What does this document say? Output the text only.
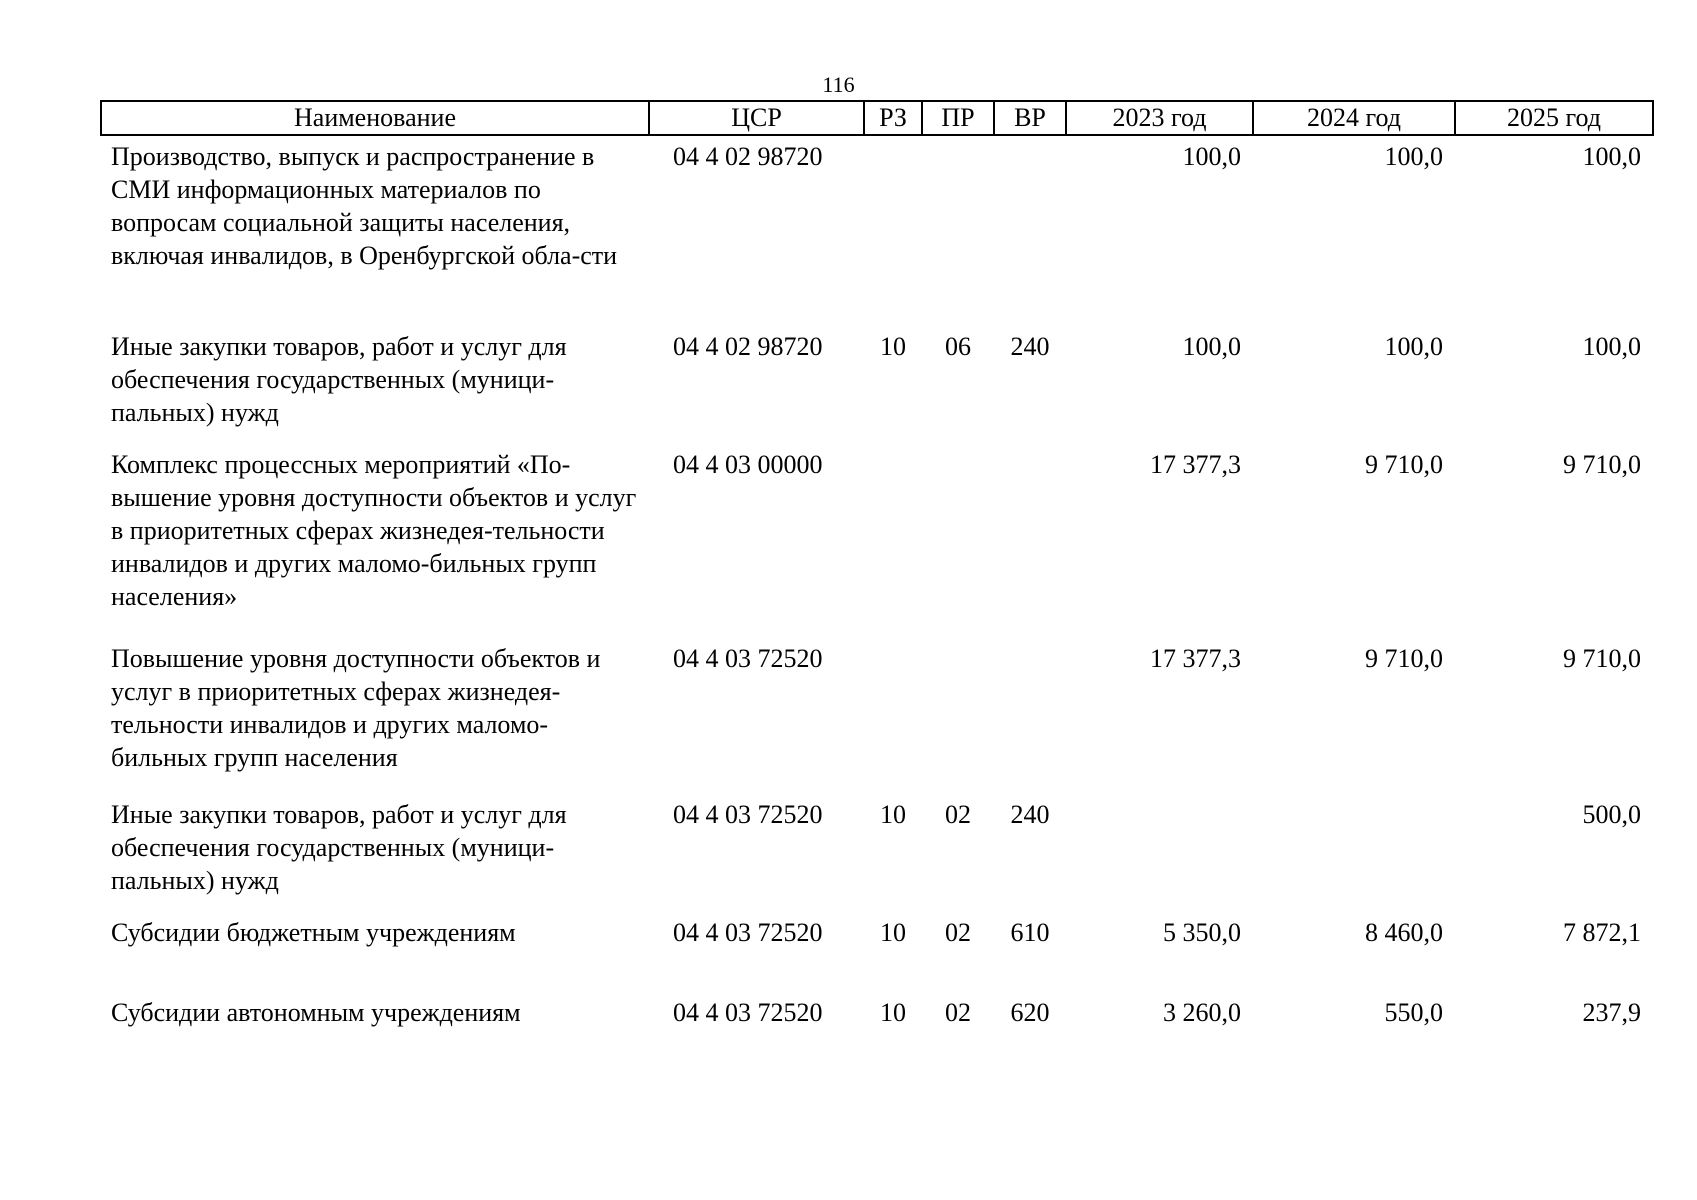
116
Наименование	ЦСР	РЗ	ПР	ВР	2023 год	2024 год	2025 год
Производство, выпуск и распространение в СМИ информационных материалов по вопросам социальной защиты населения, включая инвалидов, в Оренбургской обла-сти	04 4 02 98720				100,0	100,0	100,0
Иные закупки товаров, работ и услуг для обеспечения государственных (муници-пальных) нужд	04 4 02 98720	10	06	240	100,0	100,0	100,0
Комплекс процессных мероприятий «По-вышение уровня доступности объектов и услуг в приоритетных сферах жизнедея-тельности инвалидов и других маломо-бильных групп населения»	04 4 03 00000				17 377,3	9 710,0	9 710,0
Повышение уровня доступности объектов и услуг в приоритетных сферах жизнедея-тельности инвалидов и других маломо-бильных групп населения	04 4 03 72520				17 377,3	9 710,0	9 710,0
Иные закупки товаров, работ и услуг для обеспечения государственных (муници-пальных) нужд	04 4 03 72520	10	02	240			500,0
Субсидии бюджетным учреждениям	04 4 03 72520	10	02	610	5 350,0	8 460,0	7 872,1
Субсидии автономным учреждениям	04 4 03 72520	10	02	620	3 260,0	550,0	237,9
